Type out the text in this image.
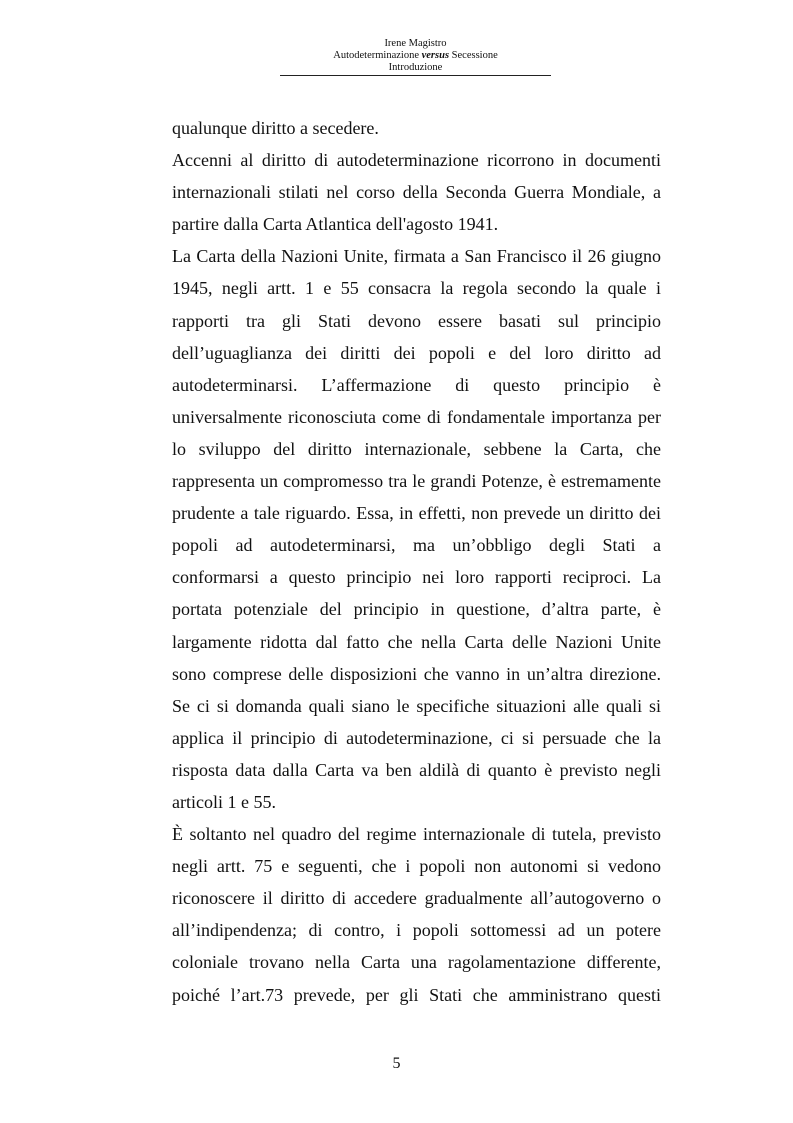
Irene Magistro
Autodeterminazione versus Secessione
Introduzione

qualunque diritto a secedere.

Accenni al diritto di autodeterminazione ricorrono in documenti internazionali stilati nel corso della Seconda Guerra Mondiale, a partire dalla Carta Atlantica dell'agosto 1941.

La Carta della Nazioni Unite, firmata a San Francisco il 26 giugno 1945, negli artt. 1 e 55 consacra la regola secondo la quale i rapporti tra gli Stati devono essere basati sul principio dell’uguaglianza dei diritti dei popoli e del loro diritto ad autodeterminarsi. L’affermazione di questo principio è universalmente riconosciuta come di fondamentale importanza per lo sviluppo del diritto internazionale, sebbene la Carta, che rappresenta un compromesso tra le grandi Potenze, è estremamente prudente a tale riguardo. Essa, in effetti, non prevede un diritto dei popoli ad autodeterminarsi, ma un’obbligo degli Stati a conformarsi a questo principio nei loro rapporti reciproci. La portata potenziale del principio in questione, d’altra parte, è largamente ridotta dal fatto che nella Carta delle Nazioni Unite sono comprese delle disposizioni che vanno in un’altra direzione. Se ci si domanda quali siano le specifiche situazioni alle quali si applica il principio di autodeterminazione, ci si persuade che la risposta data dalla Carta va ben aldilà di quanto è previsto negli articoli 1 e 55.

È soltanto nel quadro del regime internazionale di tutela, previsto negli artt. 75 e seguenti, che i popoli non autonomi si vedono riconoscere il diritto di accedere gradualmente all’autogoverno o all’indipendenza; di contro, i popoli sottomessi ad un potere coloniale trovano nella Carta una ragolamentazione differente, poiché l’art.73 prevede, per gli Stati che amministrano questi

5
